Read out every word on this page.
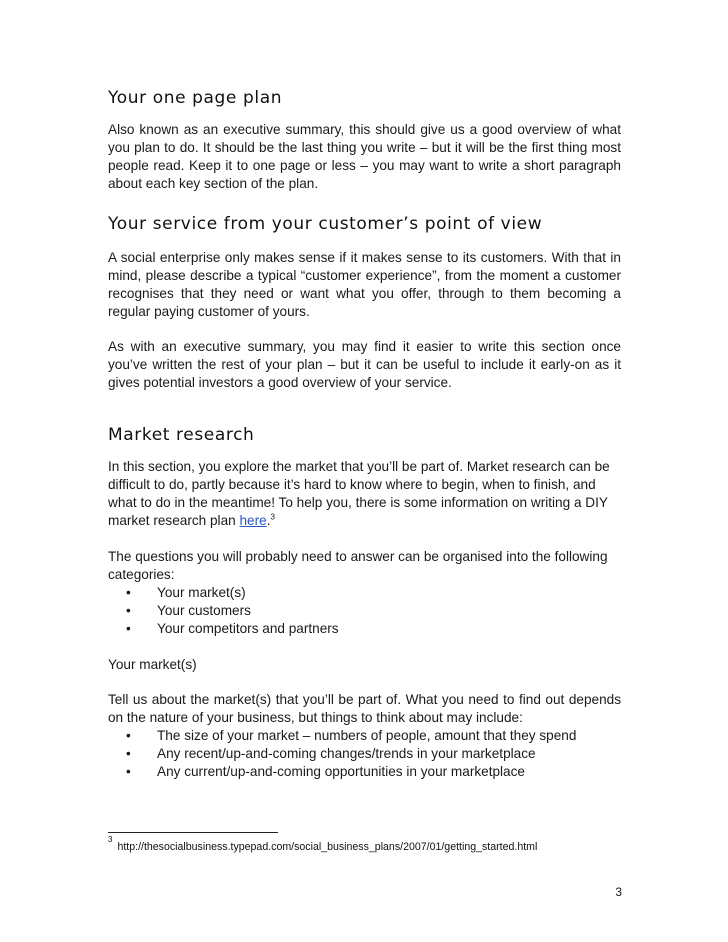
Your one page plan

Also known as an executive summary, this should give us a good overview of what you plan to do. It should be the last thing you write – but it will be the first thing most people read. Keep it to one page or less – you may want to write a short paragraph about each key section of the plan.

Your service from your customer’s point of view

A social enterprise only makes sense if it makes sense to its customers. With that in mind, please describe a typical “customer experience”, from the moment a customer recognises that they need or want what you offer, through to them becoming a regular paying customer of yours.

As with an executive summary, you may find it easier to write this section once you’ve written the rest of your plan – but it can be useful to include it early-on as it gives potential investors a good overview of your service.

Market research

In this section, you explore the market that you’ll be part of. Market research can be difficult to do, partly because it’s hard to know where to begin, when to finish, and what to do in the meantime! To help you, there is some information on writing a DIY market research plan here.$^3$

The questions you will probably need to answer can be organised into the following categories:

• Your market(s)
• Your customers
• Your competitors and partners

Your market(s)

Tell us about the market(s) that you’ll be part of. What you need to find out depends on the nature of your business, but things to think about may include:

• The size of your market – numbers of people, amount that they spend
• Any recent/up-and-coming changes/trends in your marketplace
• Any current/up-and-coming opportunities in your marketplace
$^3$http://thesocialbusiness.typepad.com/social_business_plans/2007/01/getting_started.html
3
